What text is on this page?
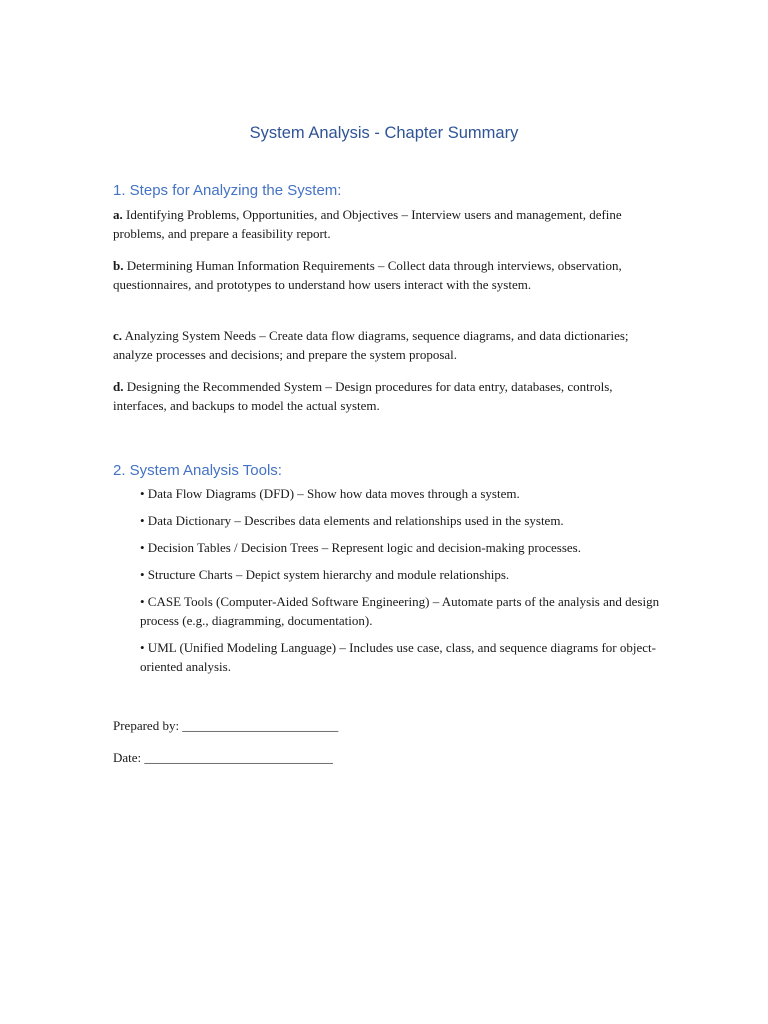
System Analysis - Chapter Summary
1. Steps for Analyzing the System:
a. Identifying Problems, Opportunities, and Objectives – Interview users and management, define problems, and prepare a feasibility report.
b. Determining Human Information Requirements – Collect data through interviews, observation, questionnaires, and prototypes to understand how users interact with the system.
c. Analyzing System Needs – Create data flow diagrams, sequence diagrams, and data dictionaries; analyze processes and decisions; and prepare the system proposal.
d. Designing the Recommended System – Design procedures for data entry, databases, controls, interfaces, and backups to model the actual system.
2. System Analysis Tools:
• Data Flow Diagrams (DFD) – Show how data moves through a system.
• Data Dictionary – Describes data elements and relationships used in the system.
• Decision Tables / Decision Trees – Represent logic and decision-making processes.
• Structure Charts – Depict system hierarchy and module relationships.
• CASE Tools (Computer-Aided Software Engineering) – Automate parts of the analysis and design process (e.g., diagramming, documentation).
• UML (Unified Modeling Language) – Includes use case, class, and sequence diagrams for object-oriented analysis.
Prepared by: ________________________
Date: _____________________________
